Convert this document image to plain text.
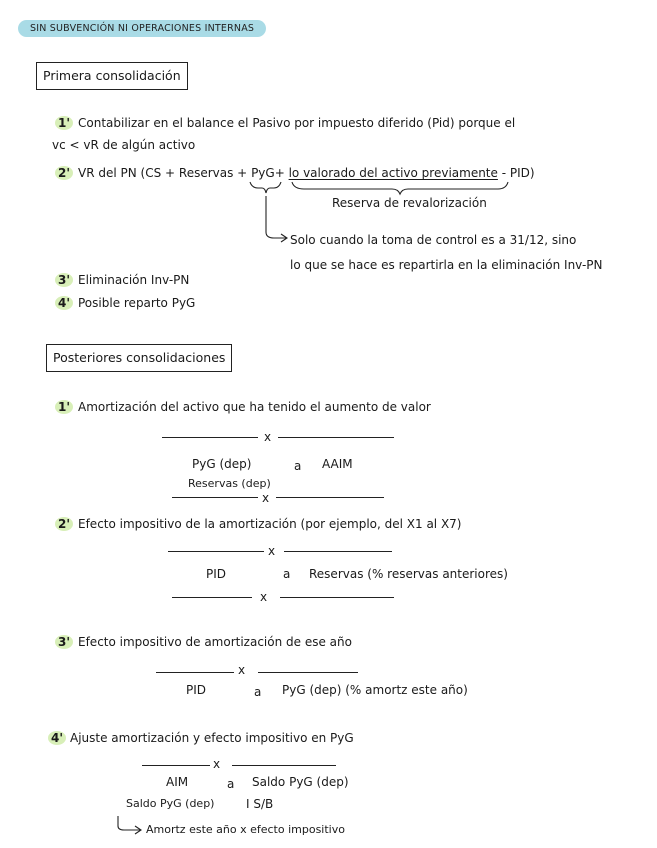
SIN SUBVENCIÓN NI OPERACIONES INTERNAS
Primera consolidación
1' Contabilizar en el balance el Pasivo por impuesto diferido (Pid) porque el
vc < vR de algún activo
2' VR del PN (CS + Reservas + PyG+ lo valorado del activo previamente - PID)
Reserva de revalorización
Solo cuando la toma de control es a 31/12, sino
lo que se hace es repartirla en la eliminación Inv-PN
3' Eliminación Inv-PN
4' Posible reparto PyG
Posteriores consolidaciones
1' Amortización del activo que ha tenido el aumento de valor
x
PyG (dep)	a AAIM
Reservas (dep)
x
2' Efecto impositivo de la amortización (por ejemplo, del X1 al X7)
x
PID	a Reservas (% reservas anteriores)
x
3' Efecto impositivo de amortización de ese año
x
PID	a PyG (dep) (% amortz este año)
4' Ajuste amortización y efecto impositivo en PyG
x
AIM	a Saldo PyG (dep)
Saldo PyG (dep)	I S/B
Amortz este año x efecto impositivo
